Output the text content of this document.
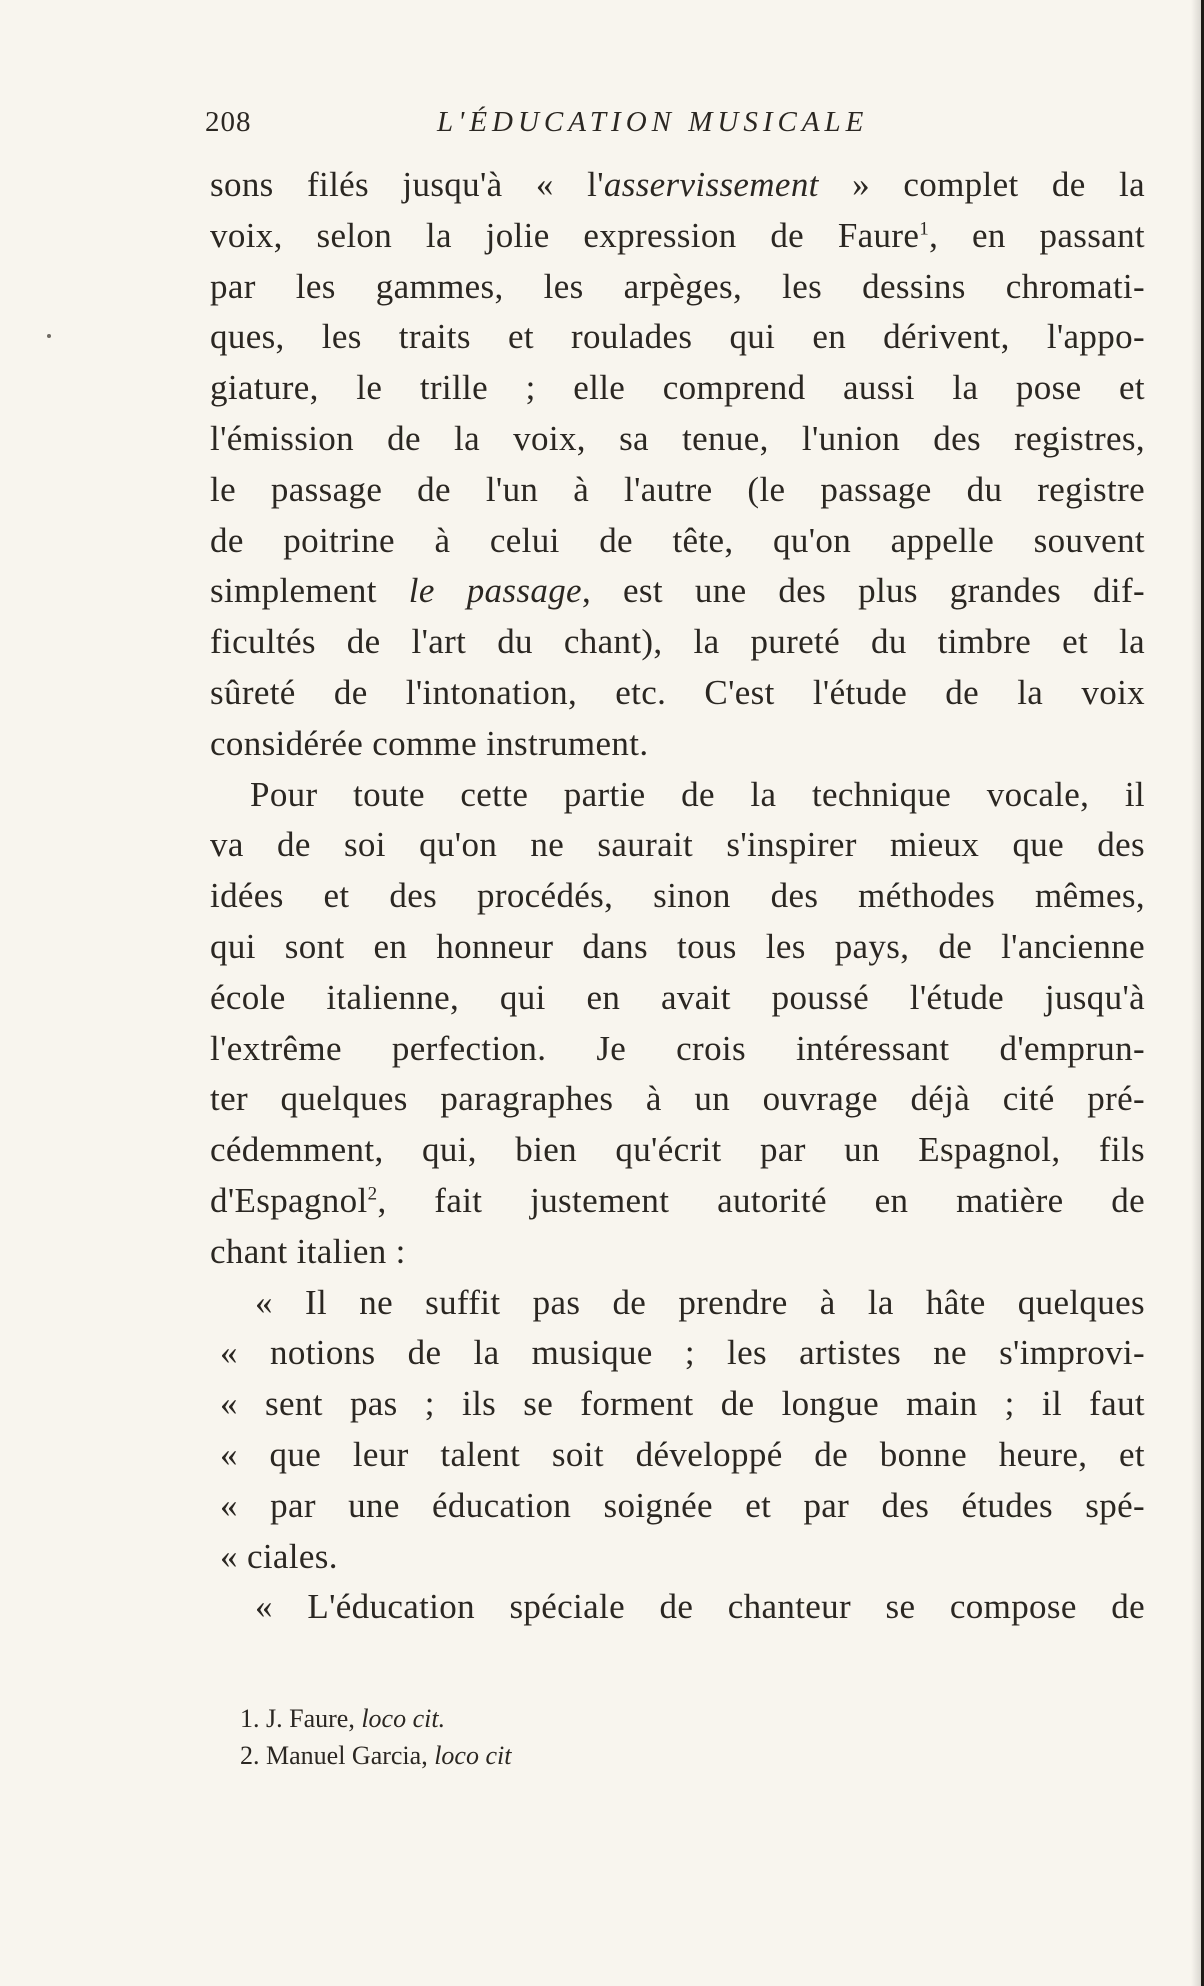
208	L'ÉDUCATION MUSICALE
sons filés jusqu'à « l'asservissement » complet de la
voix, selon la jolie expression de Faure$^1$, en passant
par les gammes, les arpèges, les dessins chromati-
ques, les traits et roulades qui en dérivent, l'appo-
giature, le trille ; elle comprend aussi la pose et
l'émission de la voix, sa tenue, l'union des registres,
le passage de l'un à l'autre (le passage du registre
de poitrine à celui de tête, qu'on appelle souvent
simplement le passage, est une des plus grandes dif-
ficultés de l'art du chant), la pureté du timbre et la
sûreté de l'intonation, etc. C'est l'étude de la voix
considérée comme instrument.
Pour toute cette partie de la technique vocale, il
va de soi qu'on ne saurait s'inspirer mieux que des
idées et des procédés, sinon des méthodes mêmes,
qui sont en honneur dans tous les pays, de l'ancienne
école italienne, qui en avait poussé l'étude jusqu'à
l'extrême perfection. Je crois intéressant d'emprun-
ter quelques paragraphes à un ouvrage déjà cité pré-
cédemment, qui, bien qu'écrit par un Espagnol, fils
d'Espagnol$^2$, fait justement autorité en matière de
chant italien :
« Il ne suffit pas de prendre à la hâte quelques
« notions de la musique ; les artistes ne s'improvi-
« sent pas ; ils se forment de longue main ; il faut
« que leur talent soit développé de bonne heure, et
« par une éducation soignée et par des études spé-
« ciales.
« L'éducation spéciale de chanteur se compose de
1. J. Faure, loco cit.
2. Manuel Garcia, loco cit
